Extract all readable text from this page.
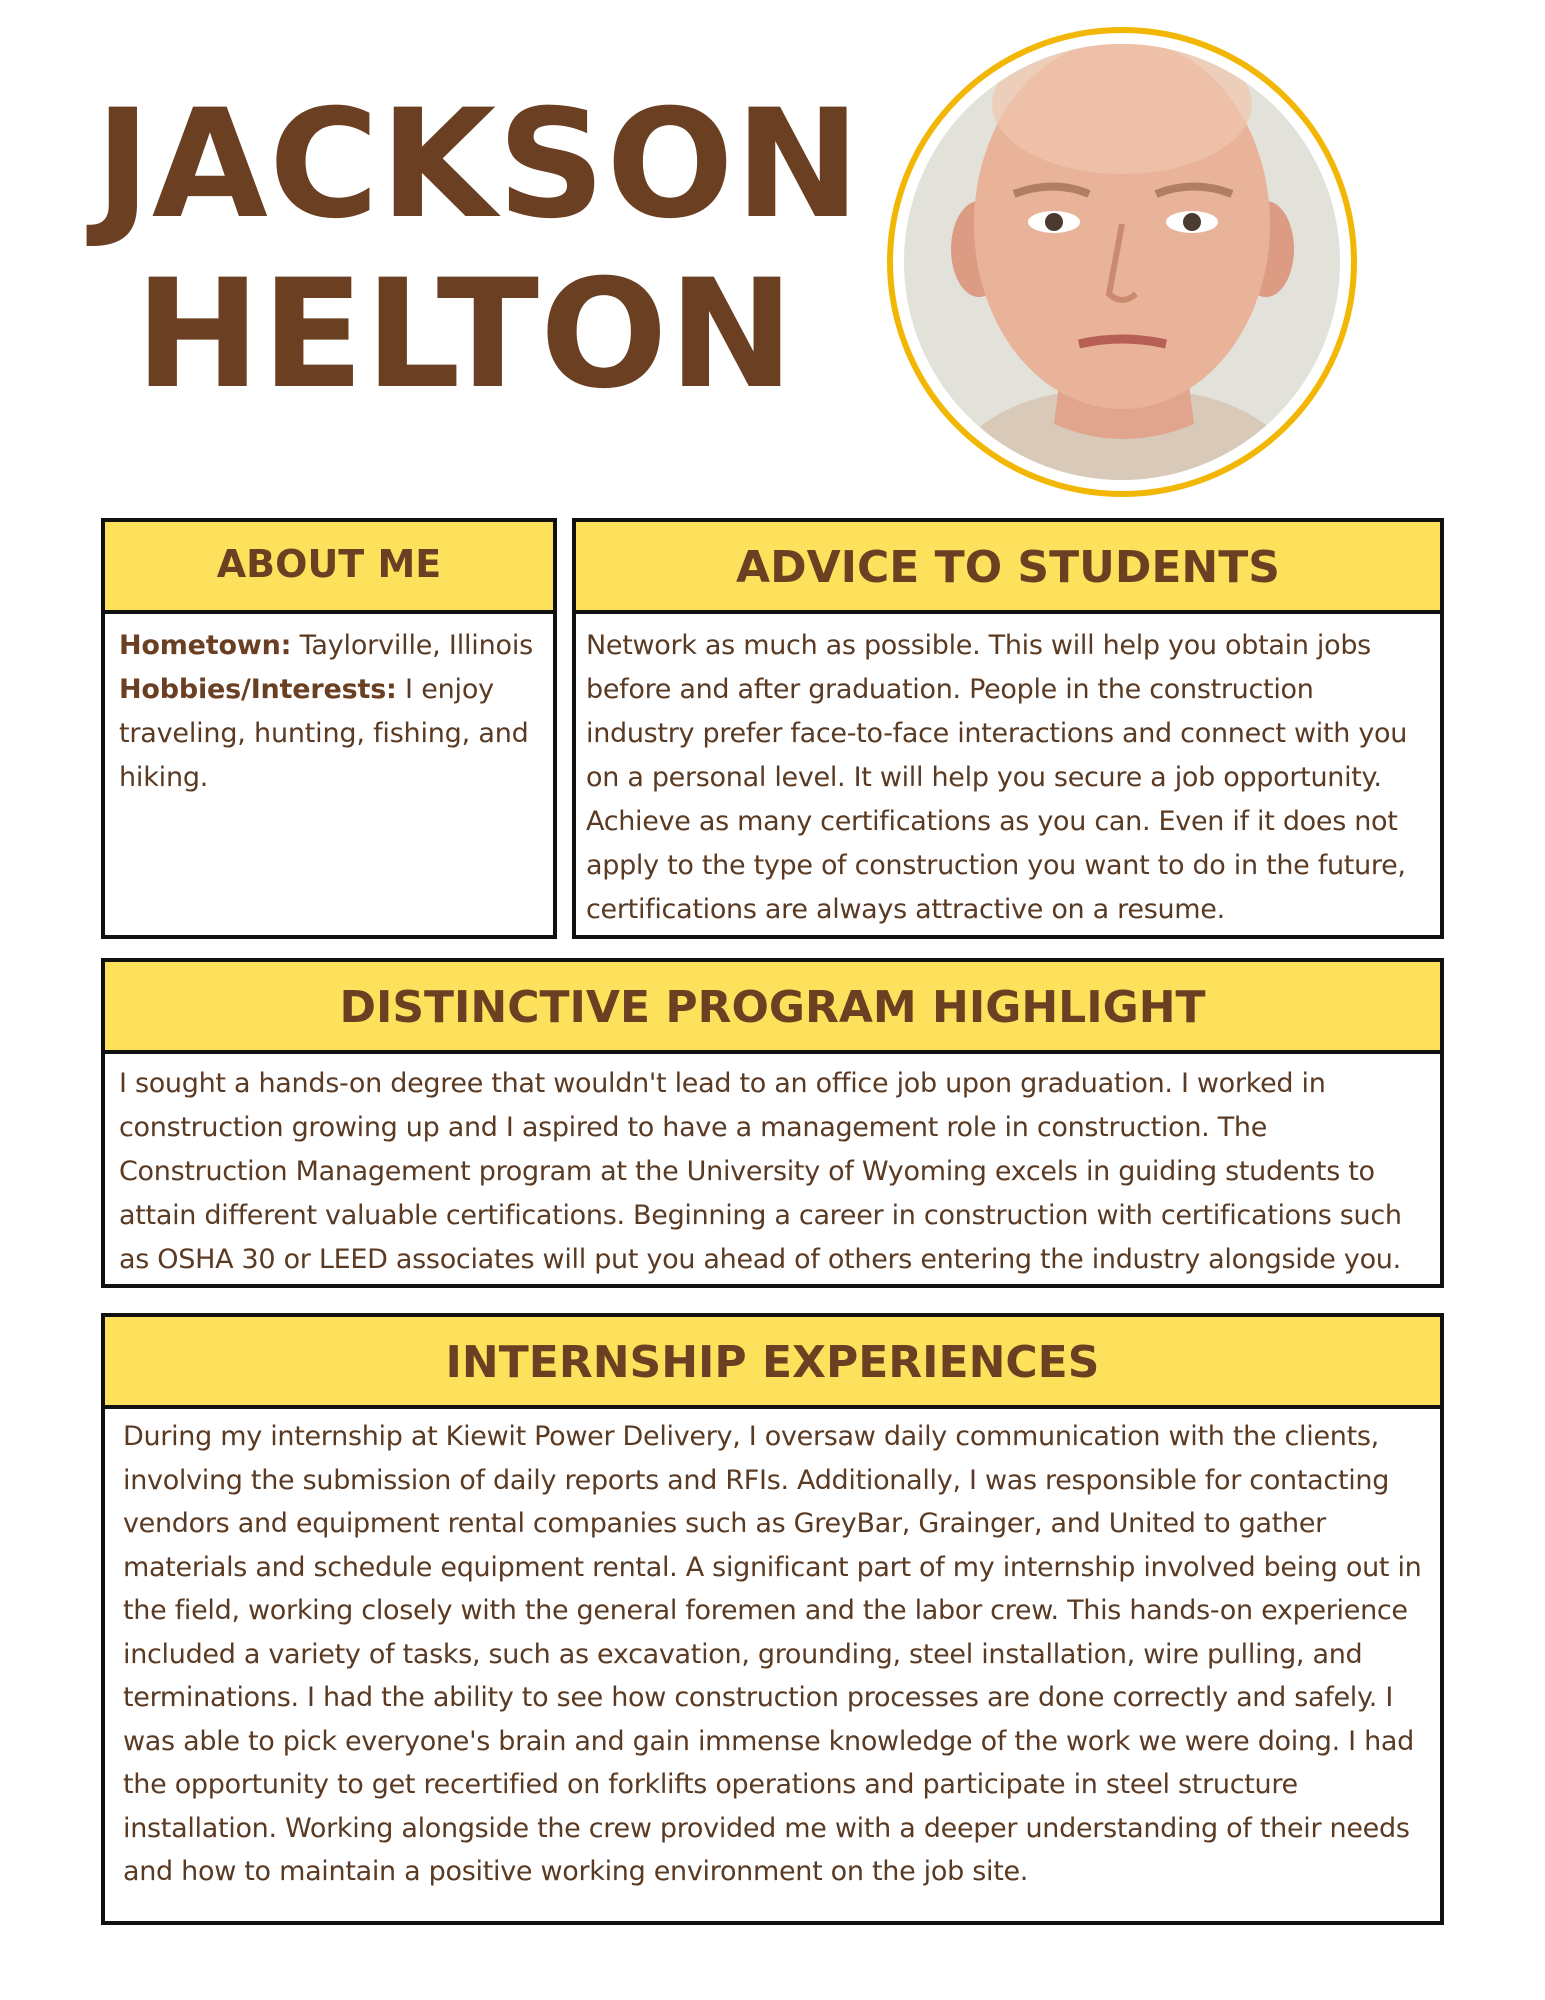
JACKSON
HELTON
ABOUT ME
Hometown: Taylorville, Illinois
Hobbies/Interests: I enjoy traveling, hunting, fishing, and hiking.
ADVICE TO STUDENTS
Network as much as possible. This will help you obtain jobs before and after graduation. People in the construction industry prefer face-to-face interactions and connect with you on a personal level. It will help you secure a job opportunity. Achieve as many certifications as you can. Even if it does not apply to the type of construction you want to do in the future, certifications are always attractive on a resume.
DISTINCTIVE PROGRAM HIGHLIGHT
I sought a hands-on degree that wouldn't lead to an office job upon graduation. I worked in construction growing up and I aspired to have a management role in construction. The Construction Management program at the University of Wyoming excels in guiding students to attain different valuable certifications. Beginning a career in construction with certifications such as OSHA 30 or LEED associates will put you ahead of others entering the industry alongside you.
INTERNSHIP EXPERIENCES
During my internship at Kiewit Power Delivery, I oversaw daily communication with the clients, involving the submission of daily reports and RFIs. Additionally, I was responsible for contacting vendors and equipment rental companies such as GreyBar, Grainger, and United to gather materials and schedule equipment rental. A significant part of my internship involved being out in the field, working closely with the general foremen and the labor crew. This hands-on experience included a variety of tasks, such as excavation, grounding, steel installation, wire pulling, and terminations. I had the ability to see how construction processes are done correctly and safely. I was able to pick everyone's brain and gain immense knowledge of the work we were doing. I had the opportunity to get recertified on forklifts operations and participate in steel structure installation. Working alongside the crew provided me with a deeper understanding of their needs and how to maintain a positive working environment on the job site.
